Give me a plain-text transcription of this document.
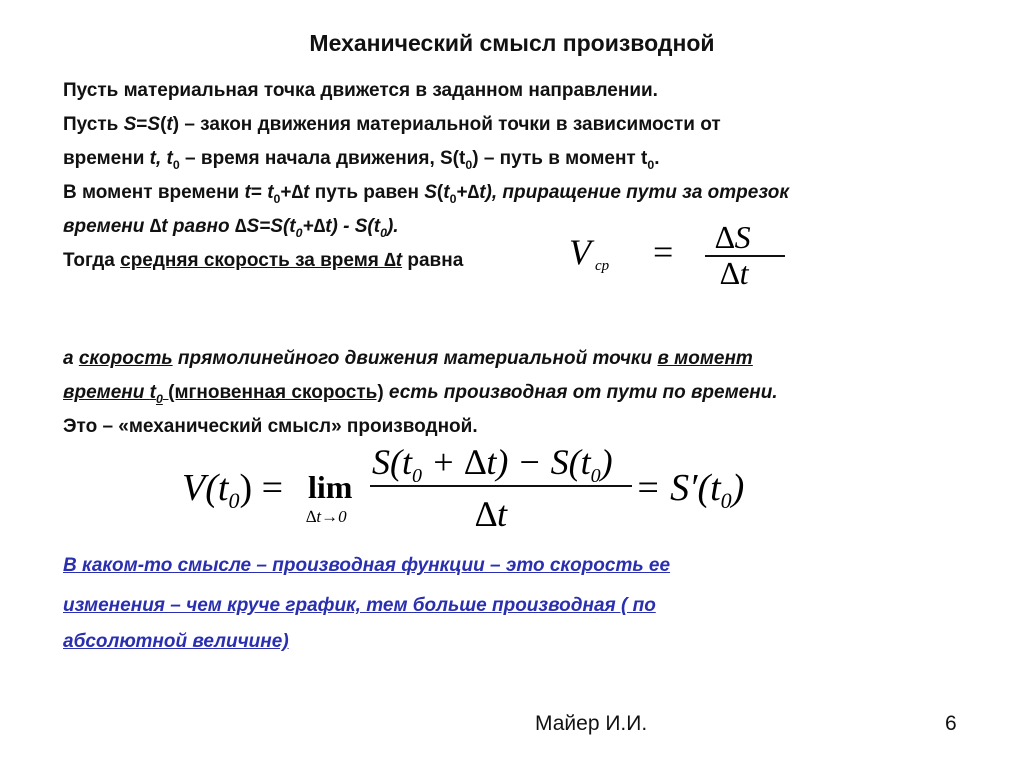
Механический смысл производной
Пусть материальная точка движется в заданном направлении.
Пусть S=S(t) – закон движения материальной точки в зависимости от
времени t, $t_0$ – время начала движения, $S(t_0)$ – путь в момент $t_0$.
В момент времени $t= t_0+\Delta t$ путь равен $S(t_0+\Delta t)$, приращение пути за отрезок
времени ∆t равно $\Delta S=S(t_0+\Delta t) - S(t_0)$.
Тогда средняя скорость за время ∆t равна	V cp = ∆S
∆t
а скорость прямолинейного движения материальной точки в момент
времени $t_0$ (мгновенная скорость) есть производная от пути по времени.
Это – «механический смысл» производной.
$V(t_0) = \lim$
∆t→0
$S(t_0 + \Delta t) - S(t_0)$
∆t
= $S'(t_0)$
В каком-то смысле – производная функции – это скорость ее
изменения – чем круче график, тем больше производная ( по
абсолютной величине)
Майер И.И.	6
